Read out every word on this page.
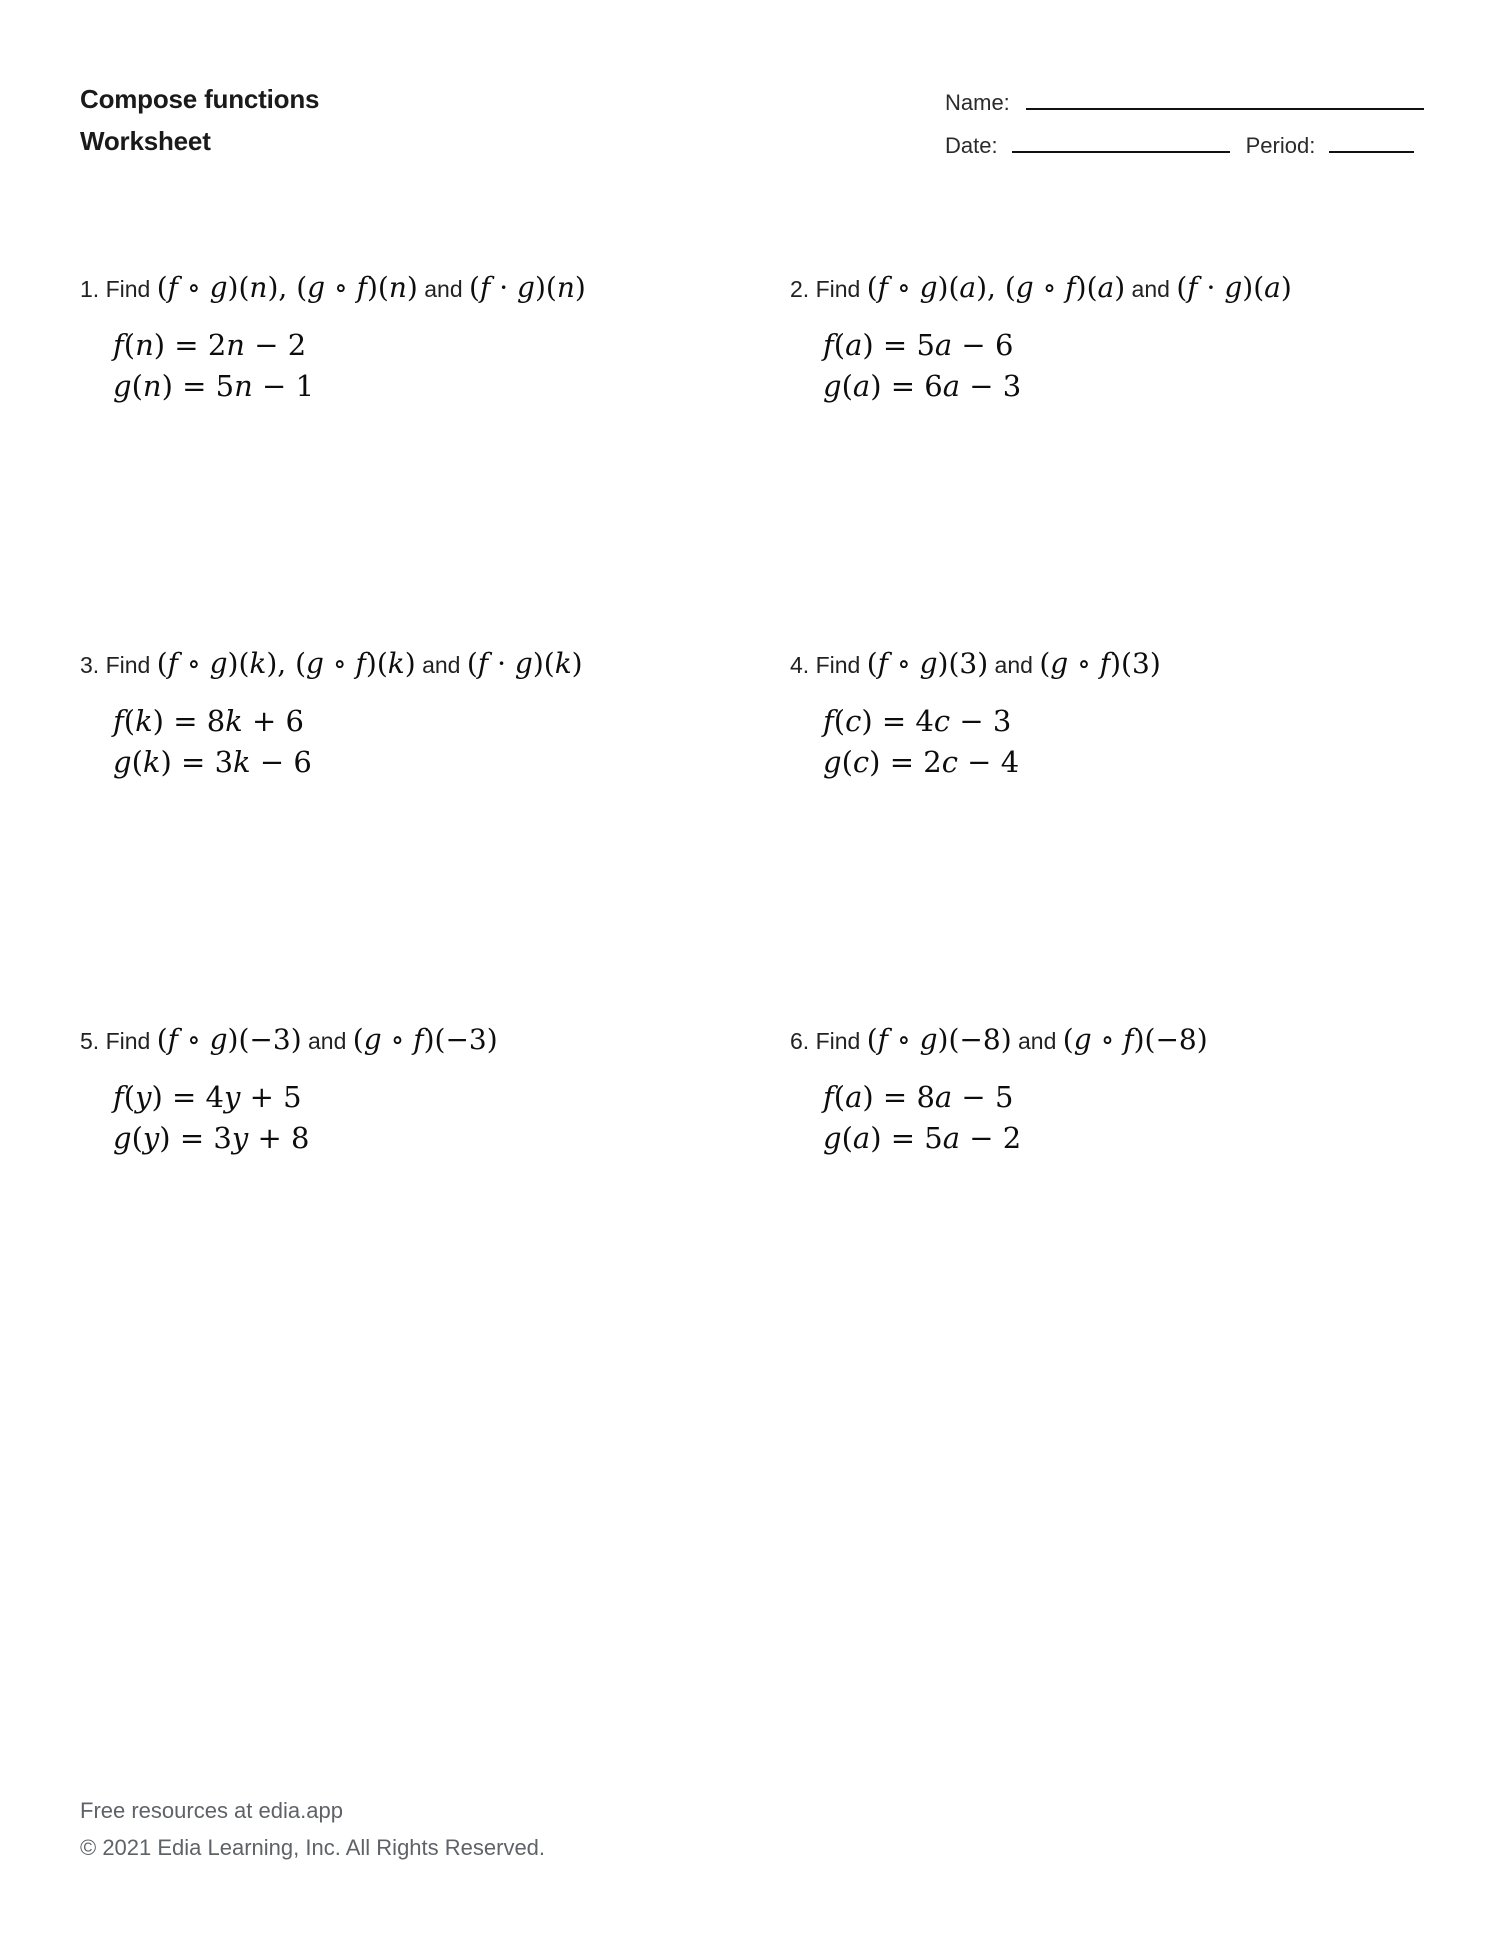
Compose functions
Worksheet
Name:
Date:	Period:
1. Find (f ∘ g)(n), (g ∘ f)(n) and (f · g)(n)
f(n) = 2n − 2
g(n) = 5n − 1
2. Find (f ∘ g)(a), (g ∘ f)(a) and (f · g)(a)
f(a) = 5a − 6
g(a) = 6a − 3
3. Find (f ∘ g)(k), (g ∘ f)(k) and (f · g)(k)
f(k) = 8k + 6
g(k) = 3k − 6
4. Find (f ∘ g)(3) and (g ∘ f)(3)
f(c) = 4c − 3
g(c) = 2c − 4
5. Find (f ∘ g)(−3) and (g ∘ f)(−3)
f(y) = 4y + 5
g(y) = 3y + 8
6. Find (f ∘ g)(−8) and (g ∘ f)(−8)
f(a) = 8a − 5
g(a) = 5a − 2
Free resources at edia.app
© 2021 Edia Learning, Inc. All Rights Reserved.
